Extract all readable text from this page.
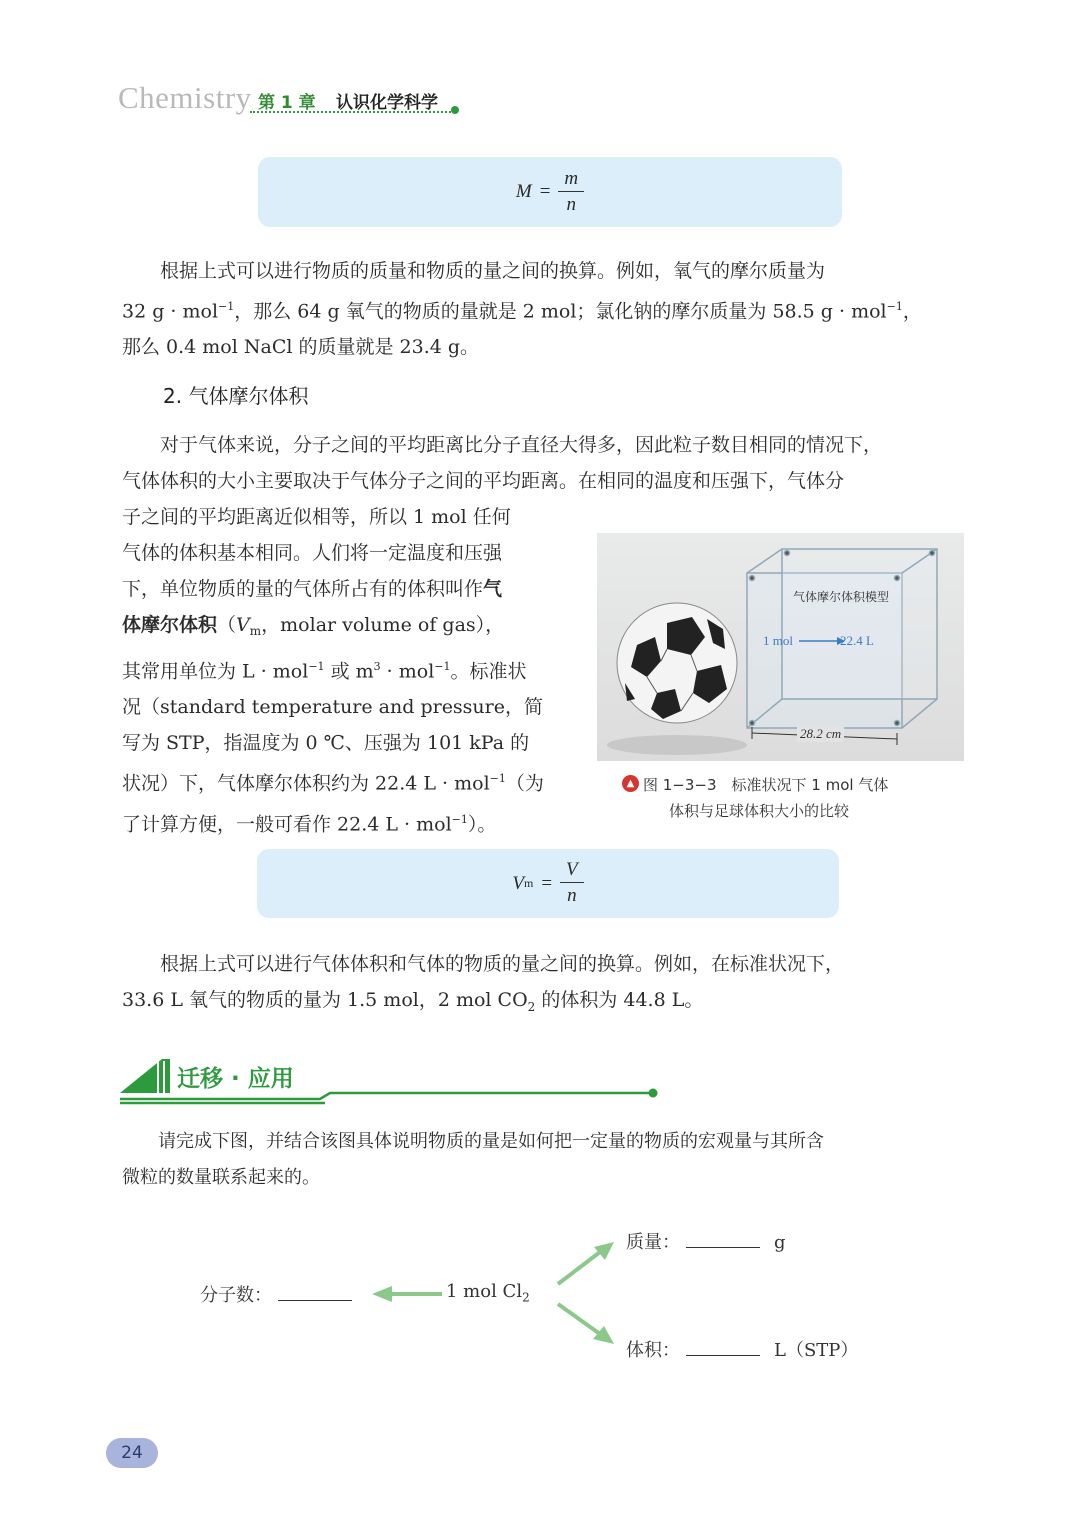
Chemistry 第 1 章 认识化学科学
$M = \frac{m}{n}$

根据上式可以进行物质的质量和物质的量之间的换算。例如，氧气的摩尔质量为

32 g · mol$^{-1}$，那么 64 g 氧气的物质的量就是 2 mol；氯化钠的摩尔质量为 58.5 g · mol$^{-1}$，

那么 0.4 mol NaCl 的质量就是 23.4 g。

2. 气体摩尔体积

对于气体来说，分子之间的平均距离比分子直径大得多，因此粒子数目相同的情况下，

气体体积的大小主要取决于气体分子之间的平均距离。在相同的温度和压强下，气体分

子之间的平均距离近似相等，所以 1 mol 任何

气体的体积基本相同。人们将一定温度和压强

下，单位物质的量的气体所占有的体积叫作气

体摩尔体积（$V_m$，molar volume of gas），

其常用单位为 L · mol$^{-1}$ 或 $m^3 \cdot mol^{-1}$。标准状

况（standard temperature and pressure，简

写为 STP，指温度为 0 ℃、压强为 101 kPa 的

状况）下，气体摩尔体积约为 22.4 L · mol$^{-1}$（为

了计算方便，一般可看作 22.4 L · mol$^{-1}$）。

气体摩尔体积模型
1 mol	22.4 L
28.2 cm
▲ 图 1−3−3　标准状况下 1 mol 气体
体积与足球体积大小的比较
V $m = \frac{V}{n}$

根据上式可以进行气体体积和气体的物质的量之间的换算。例如，在标准状况下，

33.6 L 氧气的物质的量为 1.5 mol，2 mol $CO_2$ 的体积为 44.8 L。

迁移 · 应用

请完成下图，并结合该图具体说明物质的量是如何把一定量的物质的宏观量与其所含

微粒的数量联系起来的。

1 mol $Cl_2$
分子数：
质量：	g
体积：	L（STP）
24
